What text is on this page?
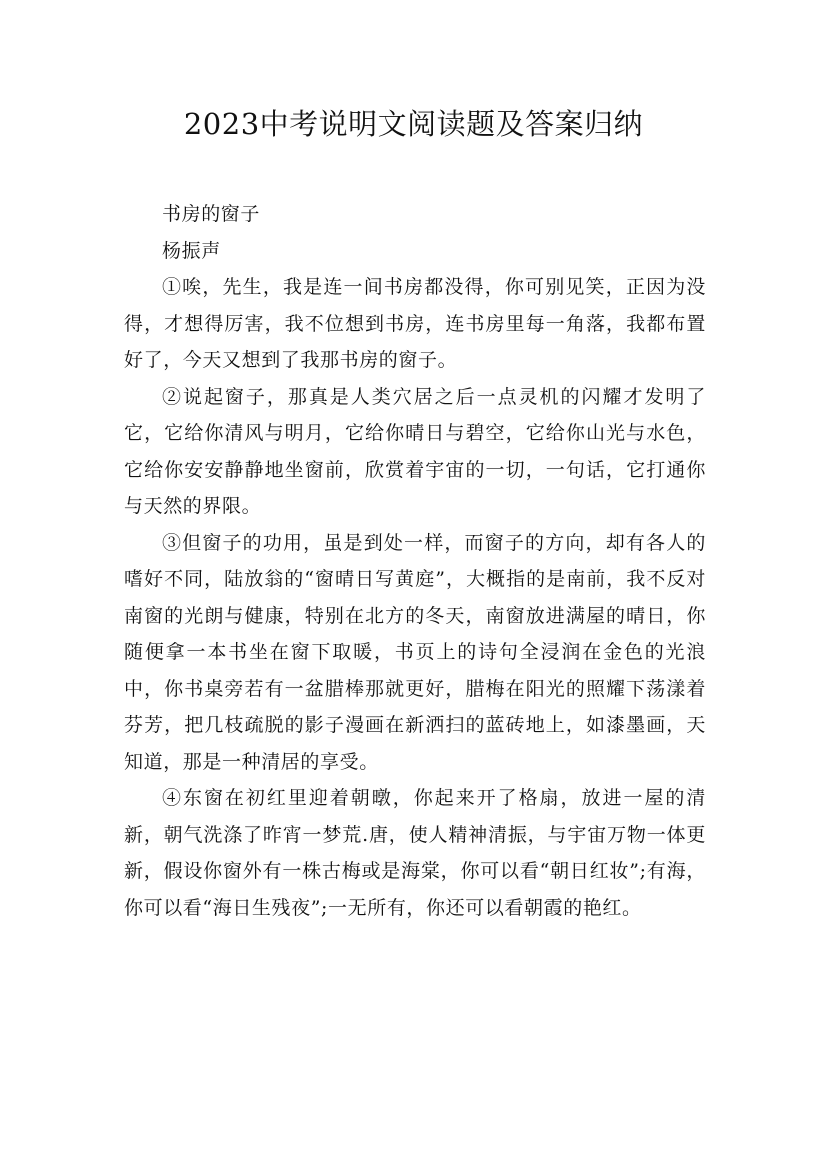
2023中考说明文阅读题及答案归纳

书房的窗子

杨振声

①唉，先生，我是连一间书房都没得，你可别见笑，正因为没得，才想得厉害，我不位想到书房，连书房里每一角落，我都布置好了，今天又想到了我那书房的窗子。

②说起窗子，那真是人类穴居之后一点灵机的闪耀才发明了它，它给你清风与明月，它给你晴日与碧空，它给你山光与水色，它给你安安静静地坐窗前，欣赏着宇宙的一切，一句话，它打通你与天然的界限。

③但窗子的功用，虽是到处一样，而窗子的方向，却有各人的嗜好不同，陆放翁的“窗晴日写黄庭”，大概指的是南前，我不反对南窗的光朗与健康，特别在北方的冬天，南窗放进满屋的晴日，你随便拿一本书坐在窗下取暖，书页上的诗句全浸润在金色的光浪中，你书桌旁若有一盆腊棒那就更好，腊梅在阳光的照耀下荡漾着芬芳，把几枝疏脱的影子漫画在新洒扫的蓝砖地上，如漆墨画，天知道，那是一种清居的享受。

④东窗在初红里迎着朝暾，你起来开了格扇，放进一屋的清新，朝气洗涤了昨宵一梦荒.唐，使人精神清振，与宇宙万物一体更新，假设你窗外有一株古梅或是海棠，你可以看“朝日红妆”;有海，你可以看“海日生残夜”;一无所有，你还可以看朝霞的艳红。
